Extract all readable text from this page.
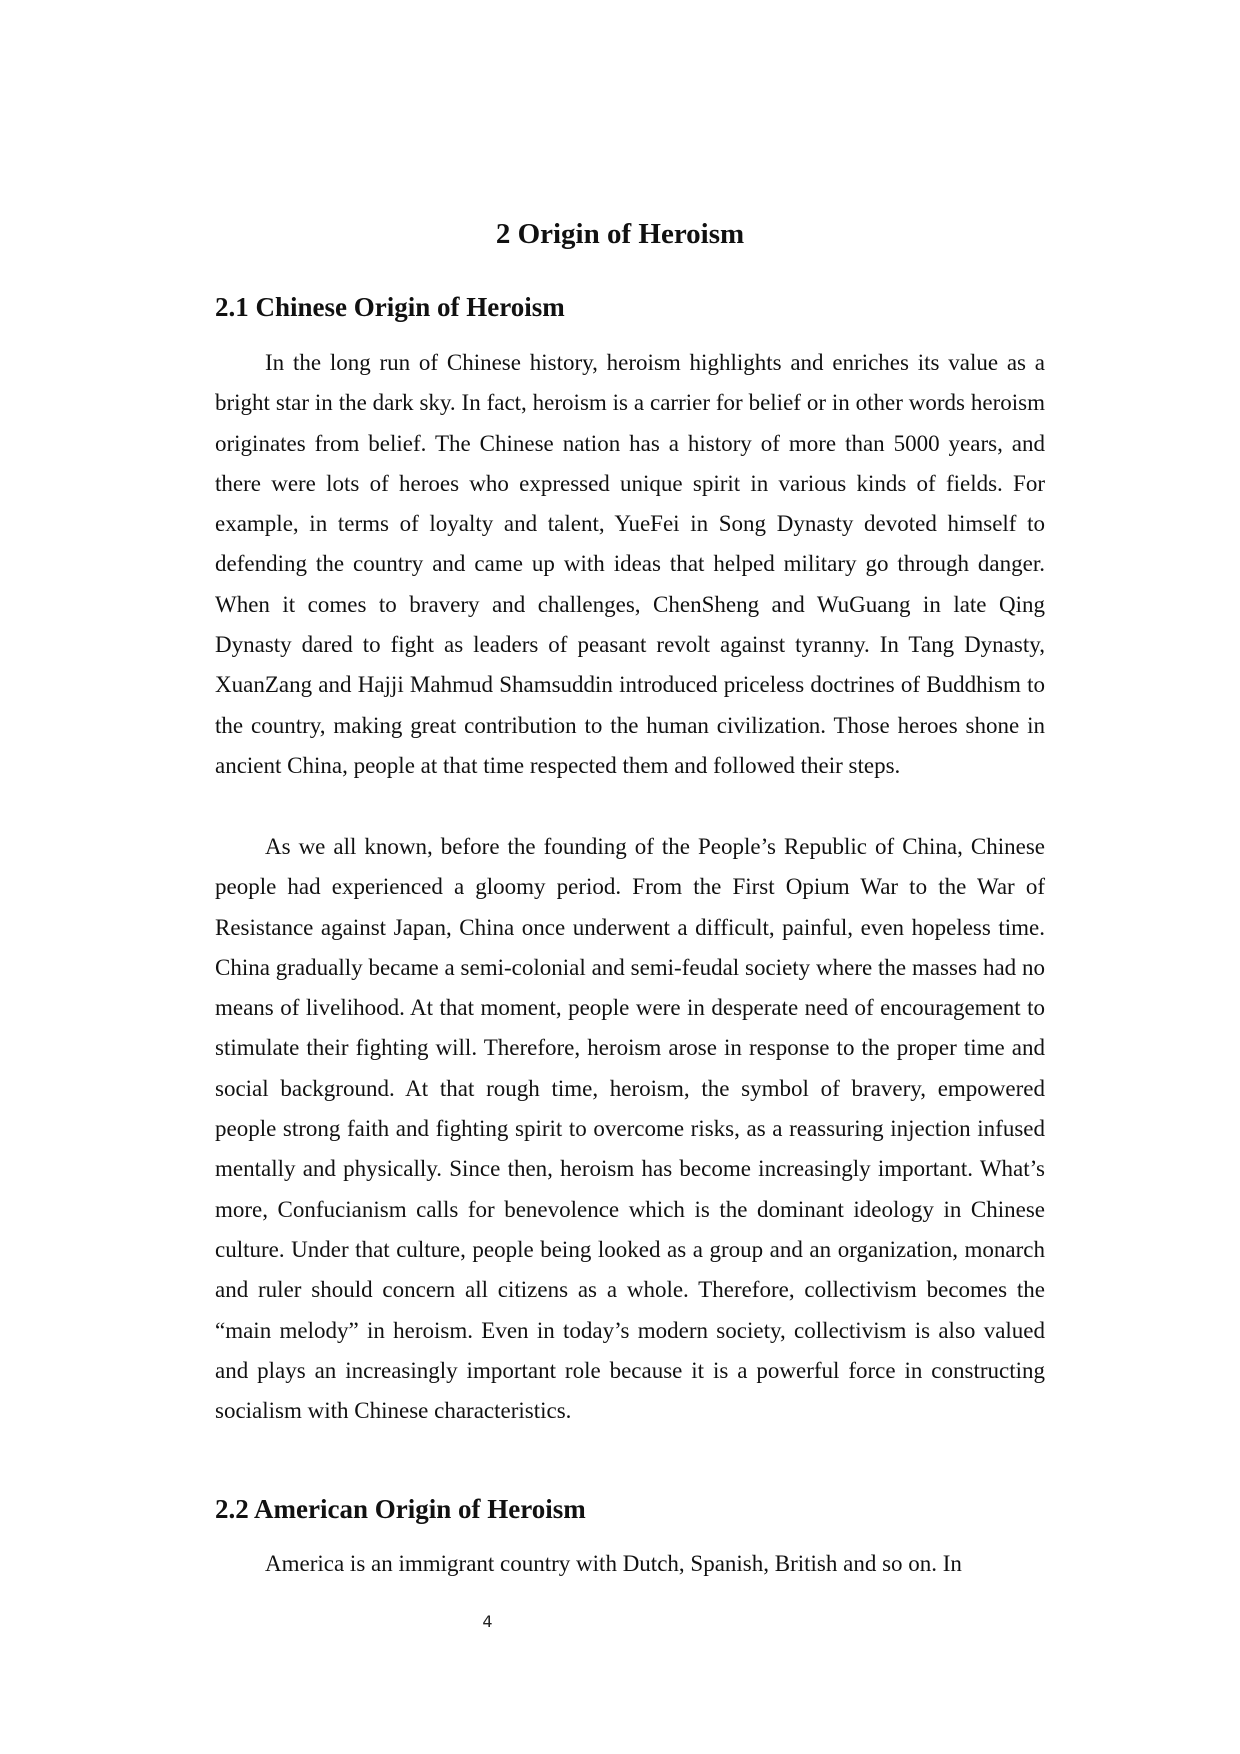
2 Origin of Heroism
2.1 Chinese Origin of Heroism

In the long run of Chinese history, heroism highlights and enriches its value as a bright star in the dark sky. In fact, heroism is a carrier for belief or in other words heroism originates from belief. The Chinese nation has a history of more than 5000 years, and there were lots of heroes who expressed unique spirit in various kinds of fields. For example, in terms of loyalty and talent, YueFei in Song Dynasty devoted himself to defending the country and came up with ideas that helped military go through danger. When it comes to bravery and challenges, ChenSheng and WuGuang in late Qing Dynasty dared to fight as leaders of peasant revolt against tyranny. In Tang Dynasty, XuanZang and Hajji Mahmud Shamsuddin introduced priceless doctrines of Buddhism to the country, making great contribution to the human civilization. Those heroes shone in ancient China, people at that time respected them and followed their steps.

As we all known, before the founding of the People’s Republic of China, Chinese people had experienced a gloomy period. From the First Opium War to the War of Resistance against Japan, China once underwent a difficult, painful, even hopeless time. China gradually became a semi-colonial and semi-feudal society where the masses had no means of livelihood. At that moment, people were in desperate need of encouragement to stimulate their fighting will. Therefore, heroism arose in response to the proper time and social background. At that rough time, heroism, the symbol of bravery, empowered people strong faith and fighting spirit to overcome risks, as a reassuring injection infused mentally and physically. Since then, heroism has become increasingly important. What’s more, Confucianism calls for benevolence which is the dominant ideology in Chinese culture. Under that culture, people being looked as a group and an organization, monarch and ruler should concern all citizens as a whole. Therefore, collectivism becomes the “main melody” in heroism. Even in today’s modern society, collectivism is also valued and plays an increasingly important role because it is a powerful force in constructing socialism with Chinese characteristics.

2.2 American Origin of Heroism

America is an immigrant country with Dutch, Spanish, British and so on. In

4
